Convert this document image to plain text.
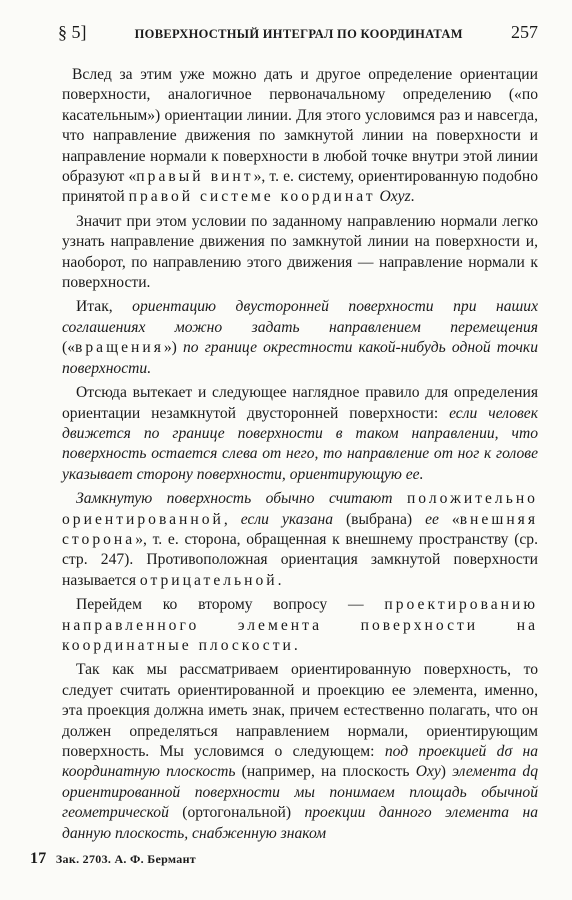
§ 5]	ПОВЕРХНОСТНЫЙ ИНТЕГРАЛ ПО КООРДИНАТАМ	257

Вслед за этим уже можно дать и другое определение ориентации поверхности, аналогичное первоначальному определению («по касательным») ориентации линии. Для этого условимся раз и навсегда, что направление движения по замкнутой линии на поверхности и направление нормали к поверхности в любой точке внутри этой линии образуют «правый винт», т. е. систему, ориентированную подобно принятой правой системе координат Oxyz.

Значит при этом условии по заданному направлению нормали легко узнать направление движения по замкнутой линии на поверхности и, наоборот, по направлению этого движения — направление нормали к поверхности.

Итак, ориентацию двусторонней поверхности при наших соглашениях можно задать направлением перемещения («вращения») по границе окрестности какой-нибудь одной точки поверхности.

Отсюда вытекает и следующее наглядное правило для определения ориентации незамкнутой двусторонней поверхности: если человек движется по границе поверхности в таком направлении, что поверхность остается слева от него, то направление от ног к голове указывает сторону поверхности, ориентирующую ее.

Замкнутую поверхность обычно считают положительно ориентированной, если указана (выбрана) ее «внешняя сторона», т. е. сторона, обращенная к внешнему пространству (ср. стр. 247). Противоположная ориентация замкнутой поверхности называется отрицательной.

Перейдем ко второму вопросу — проектированию направленного элемента поверхности на координатные плоскости.

Так как мы рассматриваем ориентированную поверхность, то следует считать ориентированной и проекцию ее элемента, именно, эта проекция должна иметь знак, причем естественно полагать, что он должен определяться направлением нормали, ориентирующим поверхность. Мы условимся о следующем: под проекцией dσ на координатную плоскость (например, на плоскость Oxy) элемента dq ориентированной поверхности мы понимаем площадь обычной геометрической (ортогональной) проекции данного элемента на данную плоскость, снабженную знаком

17 Зак. 2703. А. Ф. Бермант
